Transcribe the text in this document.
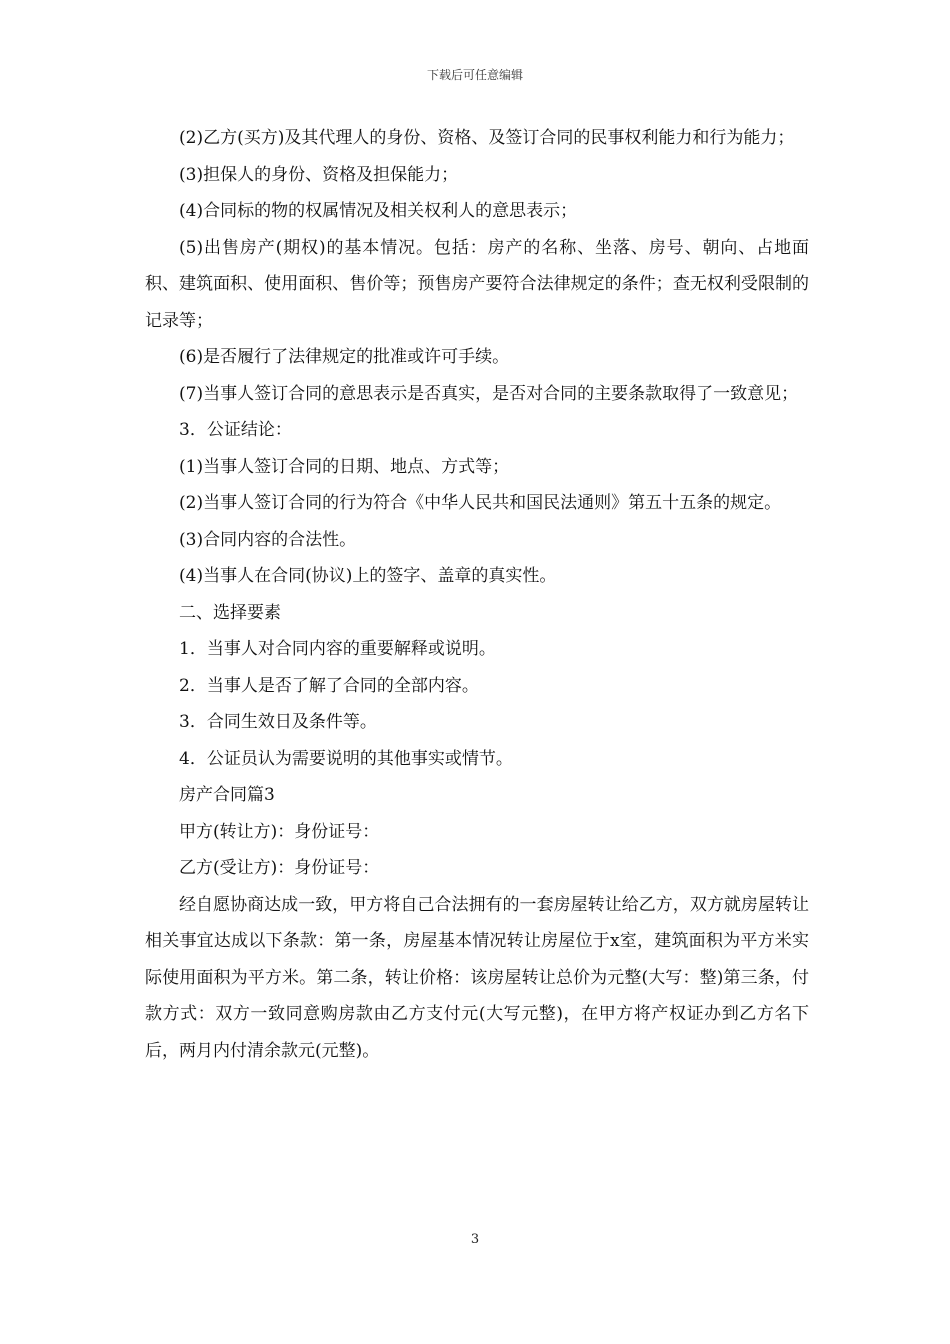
下载后可任意编辑

(2)乙方(买方)及其代理人的身份、资格、及签订合同的民事权利能力和行为能力；

(3)担保人的身份、资格及担保能力；

(4)合同标的物的权属情况及相关权利人的意思表示；

(5)出售房产(期权)的基本情况。包括：房产的名称、坐落、房号、朝向、占地面积、建筑面积、使用面积、售价等；预售房产要符合法律规定的条件；查无权利受限制的记录等；

(6)是否履行了法律规定的批准或许可手续。

(7)当事人签订合同的意思表示是否真实，是否对合同的主要条款取得了一致意见；

3．公证结论：

(1)当事人签订合同的日期、地点、方式等；

(2)当事人签订合同的行为符合《中华人民共和国民法通则》第五十五条的规定。

(3)合同内容的合法性。

(4)当事人在合同(协议)上的签字、盖章的真实性。

二、选择要素

1．当事人对合同内容的重要解释或说明。

2．当事人是否了解了合同的全部内容。

3．合同生效日及条件等。

4．公证员认为需要说明的其他事实或情节。

房产合同篇3

甲方(转让方)：身份证号：

乙方(受让方)：身份证号：

经自愿协商达成一致，甲方将自己合法拥有的一套房屋转让给乙方，双方就房屋转让相关事宜达成以下条款：第一条，房屋基本情况转让房屋位于x室，建筑面积为平方米实际使用面积为平方米。第二条，转让价格：该房屋转让总价为元整(大写：整)第三条，付款方式：双方一致同意购房款由乙方支付元(大写元整)，在甲方将产权证办到乙方名下后，两月内付清余款元(元整)。

3
